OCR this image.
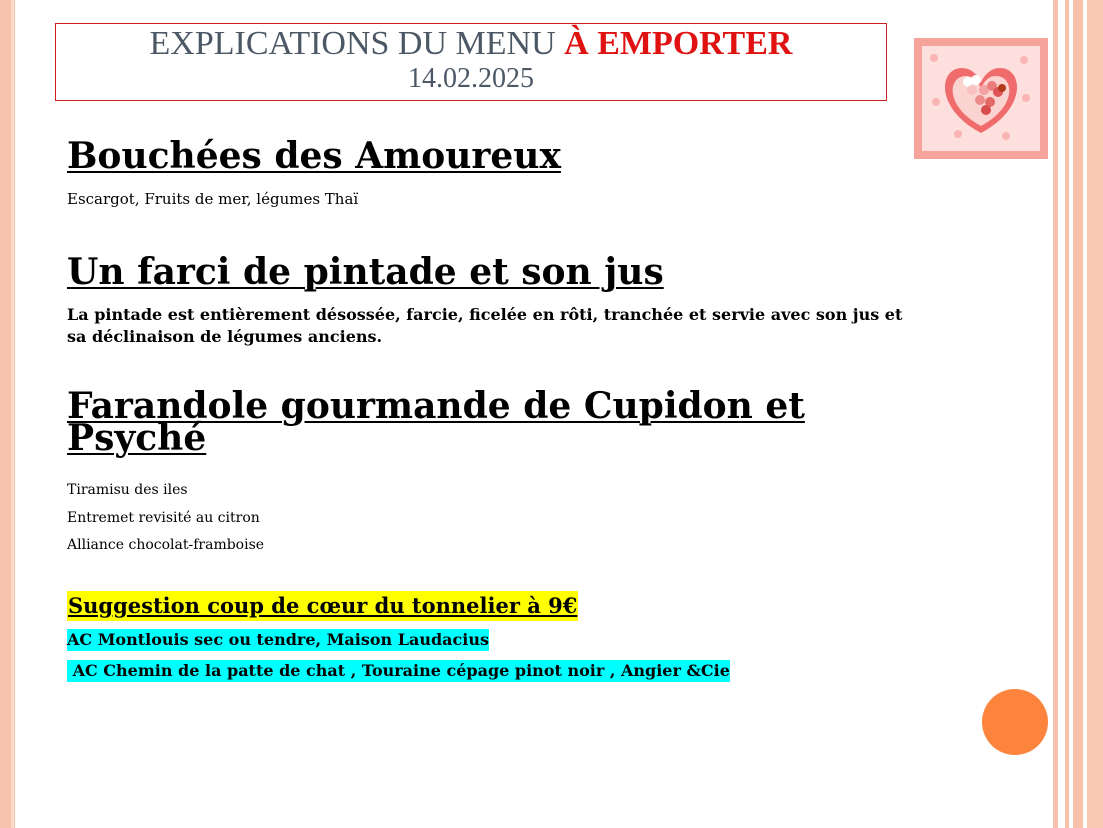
EXPLICATIONS DU MENU À EMPORTER
14.02.2025
Bouchées des Amoureux
Escargot, Fruits de mer, légumes Thaï
Un farci de pintade et son jus
La pintade est entièrement désossée, farcie, ficelée en rôti, tranchée et servie avec son jus et sa déclinaison de légumes anciens.
Farandole gourmande de Cupidon et Psyché
Tiramisu des iles
Entremet revisité au citron
Alliance chocolat-framboise
Suggestion coup de cœur du tonnelier à 9€
AC Montlouis sec ou tendre, Maison Laudacius
AC Chemin de la patte de chat , Touraine cépage pinot noir , Angier &Cie
